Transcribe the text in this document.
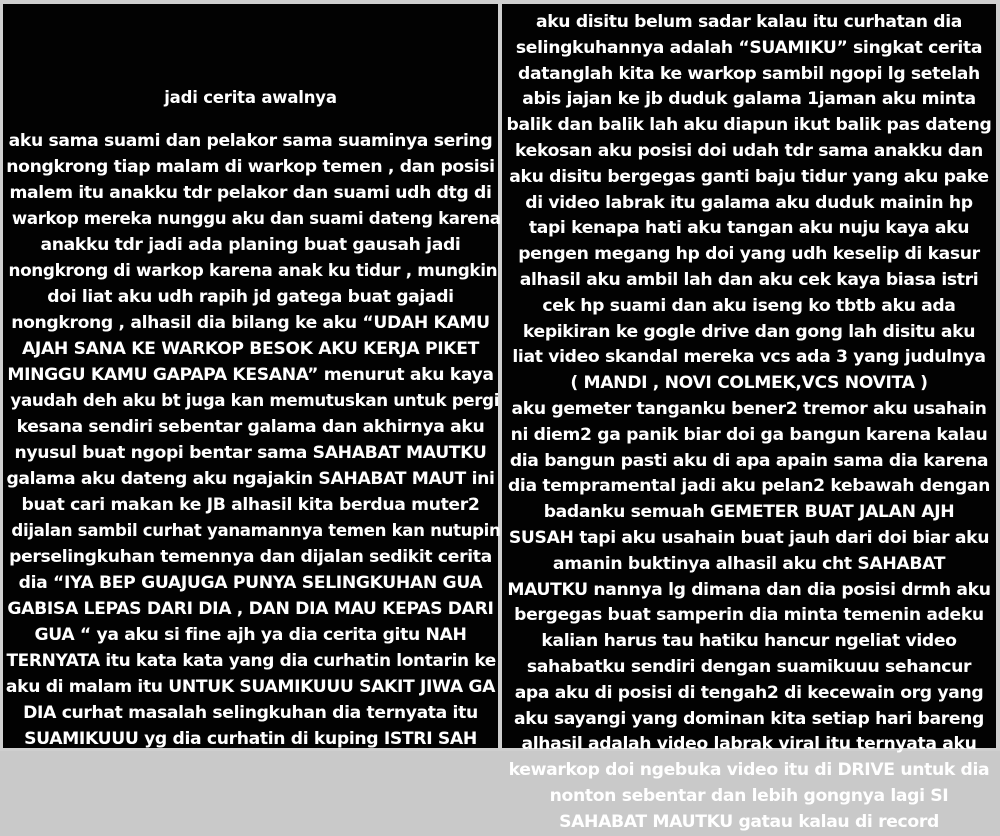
jadi cerita awalnya
aku sama suami dan pelakor sama suaminya sering
nongkrong tiap malam di warkop temen , dan posisi
malem itu anakku tdr pelakor dan suami udh dtg di
warkop mereka nunggu aku dan suami dateng karena
anakku tdr jadi ada planing buat gausah jadi
nongkrong di warkop karena anak ku tidur , mungkin
doi liat aku udh rapih jd gatega buat gajadi
nongkrong , alhasil dia bilang ke aku “UDAH KAMU
AJAH SANA KE WARKOP BESOK AKU KERJA PIKET
MINGGU KAMU GAPAPA KESANA” menurut aku kaya
yaudah deh aku bt juga kan memutuskan untuk pergi
kesana sendiri sebentar galama dan akhirnya aku
nyusul buat ngopi bentar sama SAHABAT MAUTKU
galama aku dateng aku ngajakin SAHABAT MAUT ini
buat cari makan ke JB alhasil kita berdua muter2
dijalan sambil curhat yanamannya temen kan nutupin
perselingkuhan temennya dan dijalan sedikit cerita
dia “IYA BEP GUAJUGA PUNYA SELINGKUHAN GUA
GABISA LEPAS DARI DIA , DAN DIA MAU KEPAS DARI
GUA “ ya aku si fine ajh ya dia cerita gitu NAH
TERNYATA itu kata kata yang dia curhatin lontarin ke
aku di malam itu UNTUK SUAMIKUUU SAKIT JIWA GA
DIA curhat masalah selingkuhan dia ternyata itu
SUAMIKUUU yg dia curhatin di kuping ISTRI SAH
aku disitu belum sadar kalau itu curhatan dia
selingkuhannya adalah “SUAMIKU” singkat cerita
datanglah kita ke warkop sambil ngopi lg setelah
abis jajan ke jb duduk galama 1jaman aku minta
balik dan balik lah aku diapun ikut balik pas dateng
kekosan aku posisi doi udah tdr sama anakku dan
aku disitu bergegas ganti baju tidur yang aku pake
di video labrak itu galama aku duduk mainin hp
tapi kenapa hati aku tangan aku nuju kaya aku
pengen megang hp doi yang udh keselip di kasur
alhasil aku ambil lah dan aku cek kaya biasa istri
cek hp suami dan aku iseng ko tbtb aku ada
kepikiran ke gogle drive dan gong lah disitu aku
liat video skandal mereka vcs ada 3 yang judulnya
( MANDI , NOVI COLMEK,VCS NOVITA )
aku gemeter tanganku bener2 tremor aku usahain
ni diem2 ga panik biar doi ga bangun karena kalau
dia bangun pasti aku di apa apain sama dia karena
dia tempramental jadi aku pelan2 kebawah dengan
badanku semuah GEMETER BUAT JALAN AJH
SUSAH tapi aku usahain buat jauh dari doi biar aku
amanin buktinya alhasil aku cht SAHABAT
MAUTKU nannya lg dimana dan dia posisi drmh aku
bergegas buat samperin dia minta temenin adeku
kalian harus tau hatiku hancur ngeliat video
sahabatku sendiri dengan suamikuuu sehancur
apa aku di posisi di tengah2 di kecewain org yang
aku sayangi yang dominan kita setiap hari bareng
alhasil adalah video labrak viral itu ternyata aku
kewarkop doi ngebuka video itu di DRIVE untuk dia
nonton sebentar dan lebih gongnya lagi SI
SAHABAT MAUTKU gatau kalau di record
